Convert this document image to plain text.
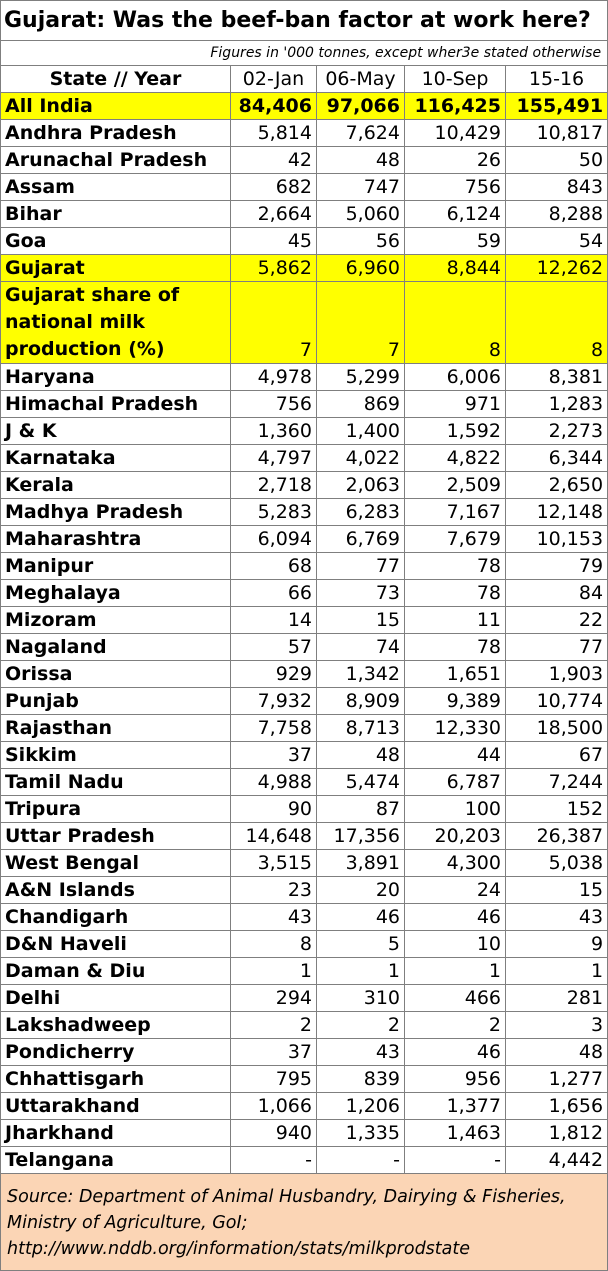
Gujarat: Was the beef-ban factor at work here?				
Figures in '000 tonnes, except wher3e stated otherwise				
State // Year	02-Jan	06-May	10-Sep	15-16
All India	84,406	97,066	116,425	155,491
Andhra Pradesh	5,814	7,624	10,429	10,817
Arunachal Pradesh	42	48	26	50
Assam	682	747	756	843
Bihar	2,664	5,060	6,124	8,288
Goa	45	56	59	54
Gujarat	5,862	6,960	8,844	12,262
Gujarat share of national milk production (%)	7	7	8	8
Haryana	4,978	5,299	6,006	8,381
Himachal Pradesh	756	869	971	1,283
J & K	1,360	1,400	1,592	2,273
Karnataka	4,797	4,022	4,822	6,344
Kerala	2,718	2,063	2,509	2,650
Madhya Pradesh	5,283	6,283	7,167	12,148
Maharashtra	6,094	6,769	7,679	10,153
Manipur	68	77	78	79
Meghalaya	66	73	78	84
Mizoram	14	15	11	22
Nagaland	57	74	78	77
Orissa	929	1,342	1,651	1,903
Punjab	7,932	8,909	9,389	10,774
Rajasthan	7,758	8,713	12,330	18,500
Sikkim	37	48	44	67
Tamil Nadu	4,988	5,474	6,787	7,244
Tripura	90	87	100	152
Uttar Pradesh	14,648	17,356	20,203	26,387
West Bengal	3,515	3,891	4,300	5,038
A&N Islands	23	20	24	15
Chandigarh	43	46	46	43
D&N Haveli	8	5	10	9
Daman & Diu	1	1	1	1
Delhi	294	310	466	281
Lakshadweep	2	2	2	3
Pondicherry	37	43	46	48
Chhattisgarh	795	839	956	1,277
Uttarakhand	1,066	1,206	1,377	1,656
Jharkhand	940	1,335	1,463	1,812
Telangana	-	-	-	4,442
Source: Department of Animal Husbandry, Dairying & Fisheries, Ministry of Agriculture, GoI; http://www.nddb.org/information/stats/milkprodstate				
